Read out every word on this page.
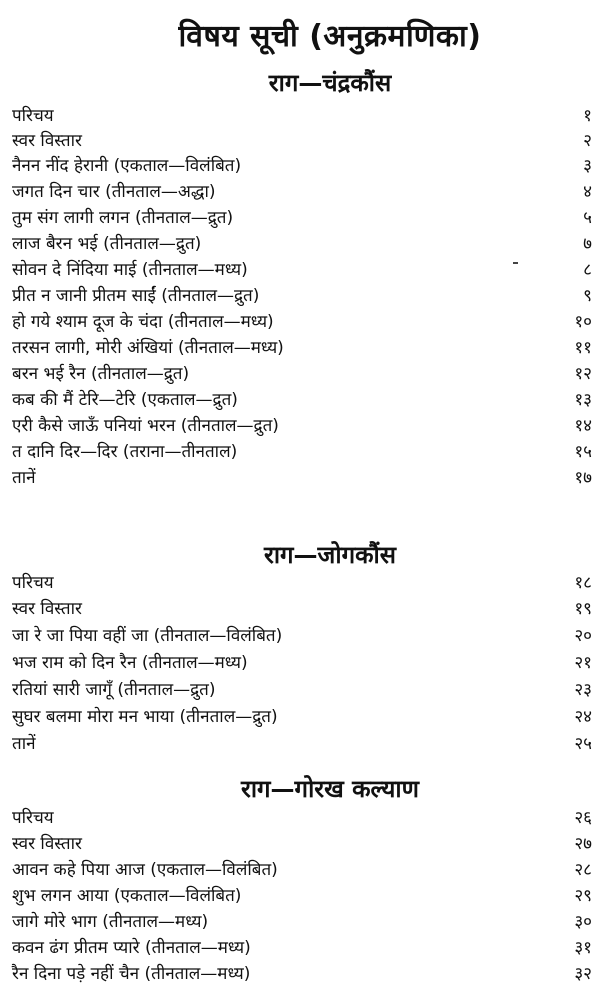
विषय सूची (अनुक्रमणिका)
राग—चंद्रकौंस
परिचय	१
स्वर विस्तार	२
नैनन नींद हेरानी (एकताल—विलंबित)	३
जगत दिन चार (तीनताल—अद्धा)	४
तुम संग लागी लगन (तीनताल—द्रुत)	५
लाज बैरन भई (तीनताल—द्रुत)	७
सोवन दे निंदिया माई (तीनताल—मध्य)	८
प्रीत न जानी प्रीतम साईं (तीनताल—द्रुत)	९
हो गये श्याम दूज के चंदा (तीनताल—मध्य)	१०
तरसन लागी, मोरी अंखियां (तीनताल—मध्य)	११
बरन भई रैन (तीनताल—द्रुत)	१२
कब की मैं टेरि—टेरि (एकताल—द्रुत)	१३
एरी कैसे जाऊँ पनियां भरन (तीनताल—द्रुत)	१४
त दानि दिर—दिर (तराना—तीनताल)	१५
तानें	१७
राग—जोगकौंस
परिचय	१८
स्वर विस्तार	१९
जा रे जा पिया वहीं जा (तीनताल—विलंबित)	२०
भज राम को दिन रैन (तीनताल—मध्य)	२१
रतियां सारी जागूँ (तीनताल—द्रुत)	२३
सुघर बलमा मोरा मन भाया (तीनताल—द्रुत)	२४
तानें	२५
राग—गोरख कल्याण
परिचय	२६
स्वर विस्तार	२७
आवन कहे पिया आज (एकताल—विलंबित)	२८
शुभ लगन आया (एकताल—विलंबित)	२९
जागे मोरे भाग (तीनताल—मध्य)	३०
कवन ढंग प्रीतम प्यारे (तीनताल—मध्य)	३१
रैन दिना पड़े नहीं चैन (तीनताल—मध्य)	३२
